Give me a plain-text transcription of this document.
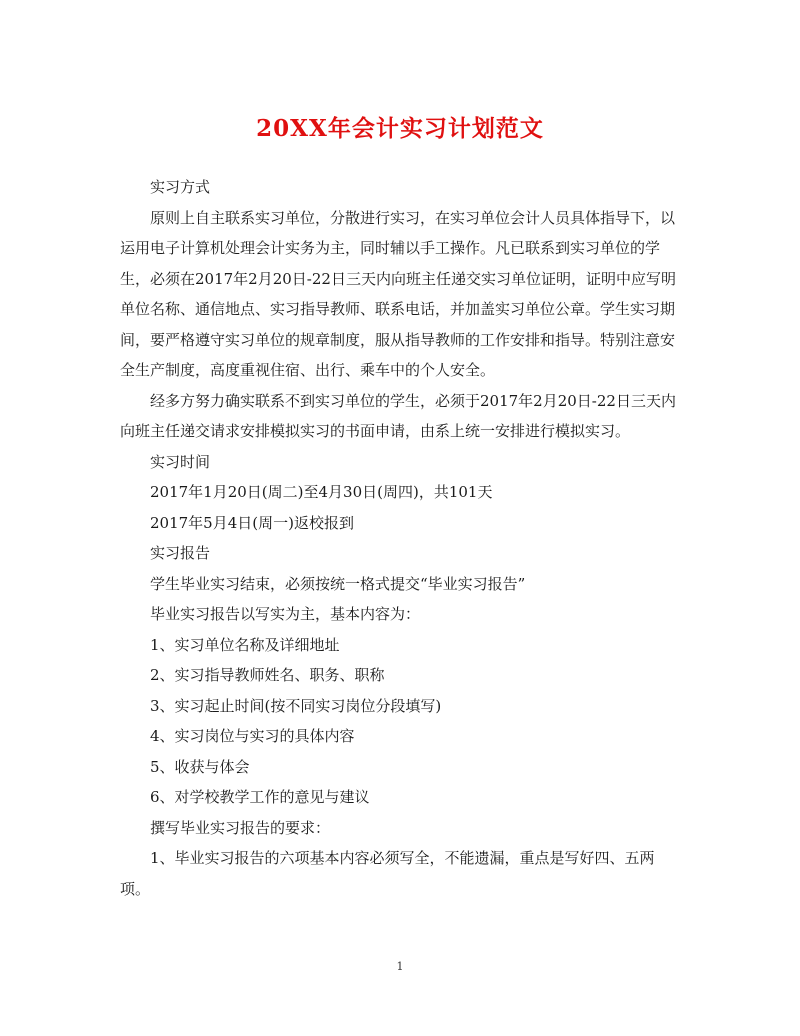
20XX年会计实习计划范文

实习方式

原则上自主联系实习单位，分散进行实习，在实习单位会计人员具体指导下，以运用电子计算机处理会计实务为主，同时辅以手工操作。凡已联系到实习单位的学生，必须在2017年2月20日-22日三天内向班主任递交实习单位证明，证明中应写明单位名称、通信地点、实习指导教师、联系电话，并加盖实习单位公章。学生实习期间，要严格遵守实习单位的规章制度，服从指导教师的工作安排和指导。特别注意安全生产制度，高度重视住宿、出行、乘车中的个人安全。

经多方努力确实联系不到实习单位的学生，必须于2017年2月20日-22日三天内向班主任递交请求安排模拟实习的书面申请，由系上统一安排进行模拟实习。

实习时间

2017年1月20日(周二)至4月30日(周四)，共101天

2017年5月4日(周一)返校报到

实习报告

学生毕业实习结束，必须按统一格式提交“毕业实习报告”

毕业实习报告以写实为主，基本内容为：

1、实习单位名称及详细地址

2、实习指导教师姓名、职务、职称

3、实习起止时间(按不同实习岗位分段填写)

4、实习岗位与实习的具体内容

5、收获与体会

6、对学校教学工作的意见与建议

撰写毕业实习报告的要求：

1、毕业实习报告的六项基本内容必须写全，不能遗漏，重点是写好四、五两项。

1
